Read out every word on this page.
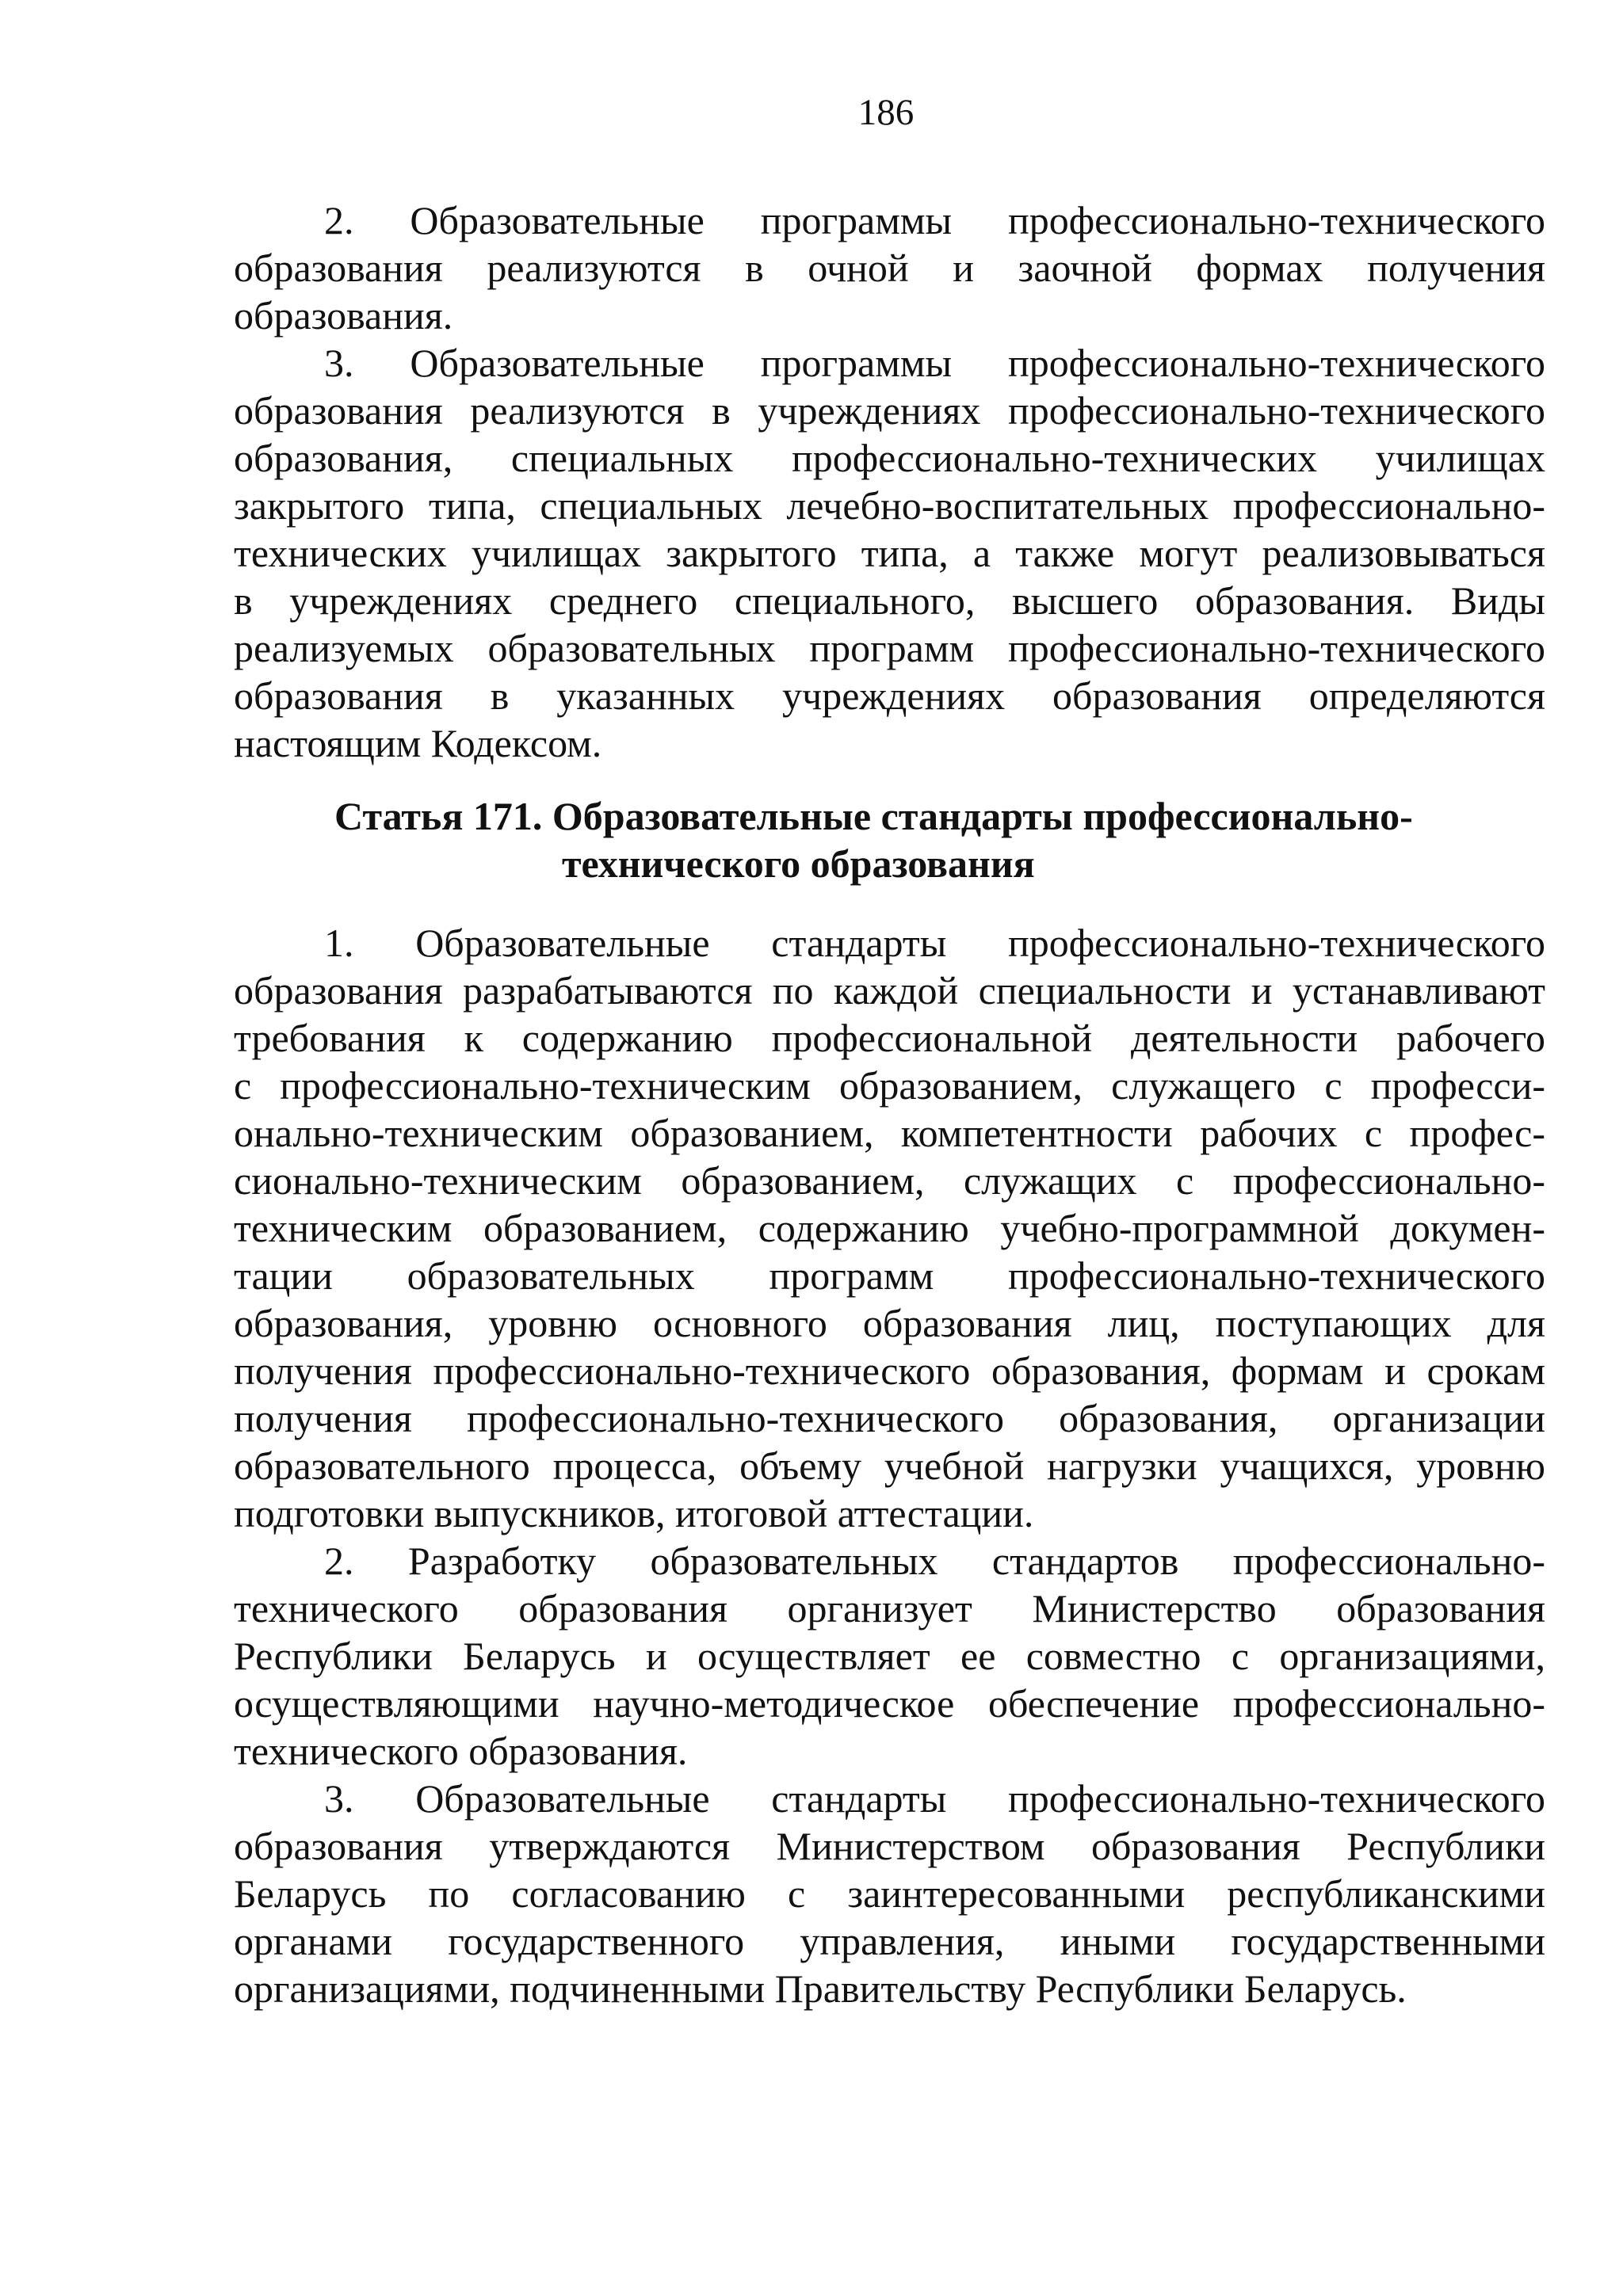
186
2. Образовательные программы профессионально-технического
образования реализуются в очной и заочной формах получения
образования.
3. Образовательные программы профессионально-технического
образования реализуются в учреждениях профессионально-технического
образования, специальных профессионально-технических училищах
закрытого типа, специальных лечебно-воспитательных профессионально-
технических училищах закрытого типа, а также могут реализовываться
в учреждениях среднего специального, высшего образования. Виды
реализуемых образовательных программ профессионально-технического
образования в указанных учреждениях образования определяются
настоящим Кодексом.
Статья 171. Образовательные стандарты профессионально-
технического образования
1. Образовательные стандарты профессионально-технического
образования разрабатываются по каждой специальности и устанавливают
требования к содержанию профессиональной деятельности рабочего
с профессионально-техническим образованием, служащего с професси-
онально-техническим образованием, компетентности рабочих с профес-
сионально-техническим образованием, служащих с профессионально-
техническим образованием, содержанию учебно-программной докумен-
тации образовательных программ профессионально-технического
образования, уровню основного образования лиц, поступающих для
получения профессионально-технического образования, формам и срокам
получения профессионально-технического образования, организации
образовательного процесса, объему учебной нагрузки учащихся, уровню
подготовки выпускников, итоговой аттестации.
2. Разработку образовательных стандартов профессионально-
технического образования организует Министерство образования
Республики Беларусь и осуществляет ее совместно с организациями,
осуществляющими научно-методическое обеспечение профессионально-
технического образования.
3. Образовательные стандарты профессионально-технического
образования утверждаются Министерством образования Республики
Беларусь по согласованию с заинтересованными республиканскими
органами государственного управления, иными государственными
организациями, подчиненными Правительству Республики Беларусь.
